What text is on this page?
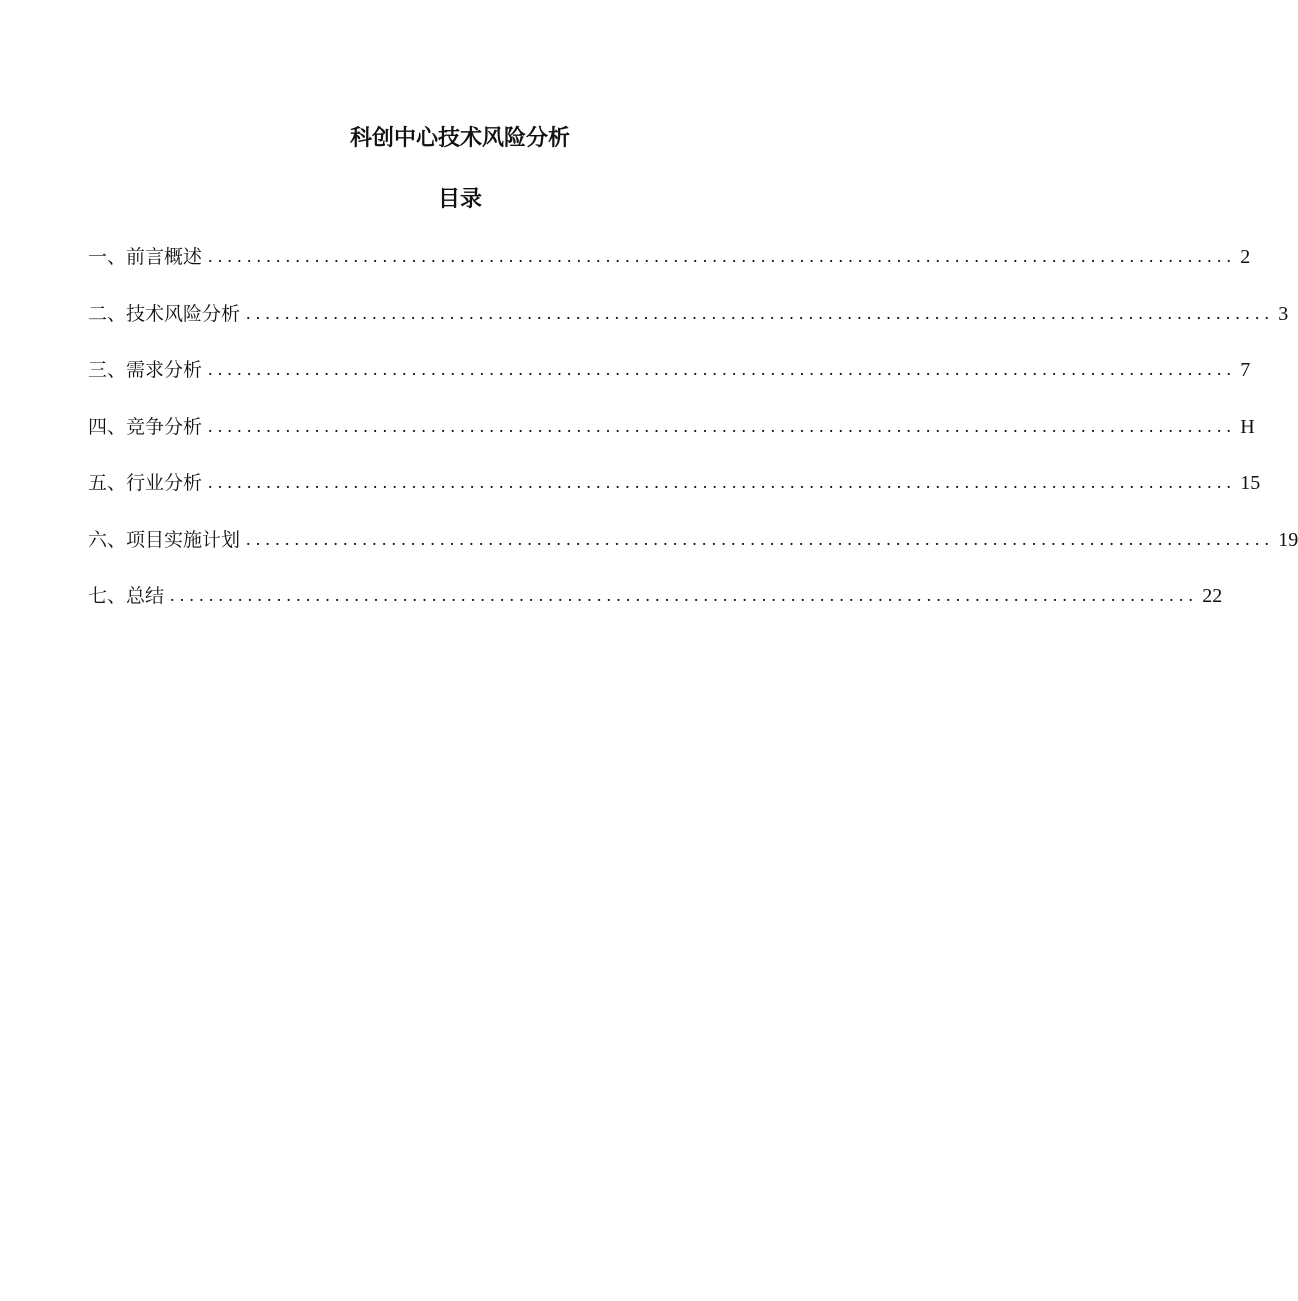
科创中心技术风险分析
目录
一、前言概述 .......................................................................................................... 2
二、技术风险分析 .......................................................................................................... 3
三、需求分析 .......................................................................................................... 7
四、竞争分析 .......................................................................................................... H
五、行业分析 .......................................................................................................... 15
六、项目实施计划 .......................................................................................................... 19
七、总结 .......................................................................................................... 22
